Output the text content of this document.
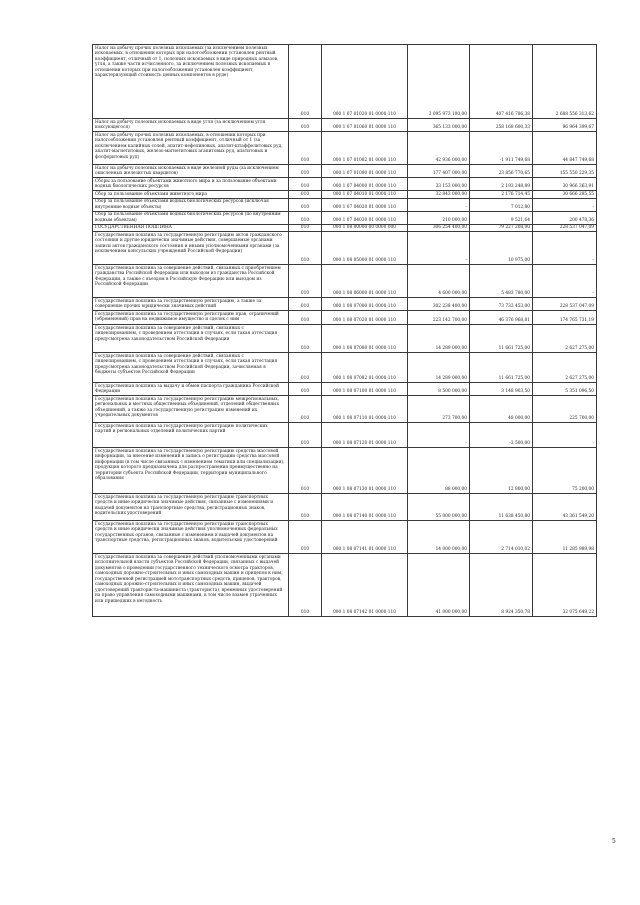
Налог на добычу прочих полезных ископаемых (за исключением полезных ископаемых, в отношении которых при налогообложении установлен рентный коэффициент, отличный от 1, полезных ископаемых в виде природных алмазов, угля, а также части исчисленного, за исключением полезных ископаемых в отношении которых при налогообложении установлен коэффициент, характеризующий стоимость ценных компонентов в руде)	010	000 1 07 01020 01 0000 110	3 095 973 100,00	407 416 786,38	2 688 556 313,62
Налог на добычу полезных ископаемых в виде угля (за исключением угля коксующегося)	010	000 1 07 01060 01 0000 110	365 133 000,00	258 168 600,33	96 964 399,67
Налог на добычу прочих полезных ископаемых, в отношении которых при налогообложении установлен рентный коэффициент, отличный от 1 (за исключением калийных солей, апатит-нефелиновых, апатит-штаффелитовых руд, апатит-магнетитовых, железо-магнетитовых агапитовых руд, апатитовых и фосфоритовых руд)	010	000 1 07 01082 01 0000 110	42 936 000,00	-1 911 749,68	44 847 749,68
Налог на добычу полезных ископаемых в виде железной руды (за исключением окисленных железистых кварцитов)	010	000 1 07 01090 01 0000 110	177 407 000,00	23 856 770,65	155 550 229,35
Сборы за пользование объектами животного мира и за пользование объектами водных биологических ресурсов	010	000 1 07 04000 01 0000 110	33 153 000,00	2 193 248,89	30 966 363,91
Сбор за пользование объектами животного мира	010	000 1 07 04010 01 0000 110	32 843 000,00	2 176 714,45	30 666 285,55
Сбор за пользование объектами водных биологических ресурсов (исключая внутренние водные объекты)	010	000 1 07 04020 01 0000 110	-	7 012,80	-
Сбор за пользование объектами водных биологических ресурсов (по внутренним водным объектам)	010	000 1 07 04030 01 0000 110	210 000,00	9 521,64	200 478,36
ГОСУДАРСТВЕННАЯ ПОШЛИНА	010	000 1 08 00000 00 0000 000	306 254 400,00	79 227 208,00	228 537 047,09
Государственная пошлина за государственную регистрацию актов гражданского состояния и другие юридически значимые действия, совершаемые органами записи актов гражданского состояния и иными уполномоченными органами (за исключением консульских учреждений Российской Федерации)	010	000 1 08 05000 01 0000 110	-	10 975,00	-
Государственная пошлина за совершение действий, связанных с приобретением гражданства Российской Федерации или выходом из гражданства Российской Федерации, а также с въездом в Российскую Федерацию или выездом из Российской Федерации	010	000 1 08 06000 01 0000 110	4 600 000,00	5 483 780,00	-
Государственная пошлина за государственную регистрацию, а также за совершение прочих юридически значимых действий	010	000 1 08 07000 01 0000 110	302 238 400,00	73 732 453,00	228 537 047,09
Государственная пошлина за государственную регистрацию прав, ограничений (обременений) прав на недвижимое имущество и сделок с ним	010	000 1 08 07020 01 0000 110	223 142 700,00	46 376 968,81	174 765 731,19
Государственная пошлина за совершение действий, связанных с лицензированием, с проведением аттестации в случаях, если такая аттестация предусмотрена законодательством Российской Федерации	010	000 1 08 07080 01 0000 110	14 289 000,00	11 661 725,00	2 627 275,00
Государственная пошлина за совершение действий, связанных с лицензированием, с проведением аттестации в случаях, если такая аттестация предусмотрена законодательством Российской Федерации, зачисляемая в бюджеты субъектов Российской Федерации	010	000 1 08 07082 01 0000 110	14 289 000,00	11 661 725,00	2 627 275,00
Государственная пошлина за выдачу и обмен паспорта гражданина Российской Федерации	010	000 1 08 07100 01 0000 110	8 500 000,00	3 148 903,50	5 351 096,50
Государственная пошлина за государственную регистрацию межрегиональных, региональных и местных общественных объединений, отделений общественных объединений, а также за государственную регистрацию изменений их учредительных документов	010	000 1 08 07110 01 0000 110	273 700,00	48 000,00	225 700,00
Государственная пошлина за государственную регистрацию политических партий и региональных отделений политических партий	010	000 1 08 07120 01 0000 110	-	-3 500,00	-
Государственная пошлина за государственную регистрацию средства массовой информации, за внесение изменений в запись о регистрации средства массовой информации (в том числе связанных с изменением тематики или специализации), продукция которого предназначена для распространения преимущественно на территории субъекта Российской Федерации, территории муниципального образования	010	000 1 08 07130 01 0000 110	88 000,00	12 800,00	75 200,00
Государственная пошлина за государственную регистрацию транспортных средств и иные юридически значимые действия, связанные с изменениями и выдачей документов на транспортные средства, регистрационных знаков, водительских удостоверений	010	000 1 08 07140 01 0000 110	55 000 000,00	11 638 450,80	43 361 549,20
Государственная пошлина за государственную регистрацию транспортных средств и иные юридически значимые действия уполномоченных федеральных государственных органов, связанные с изменением и выдачей документов на транспортные средства, регистрационных знаков, водительских удостоверений	010	000 1 08 07141 01 0000 110	14 000 000,00	2 714 010,02	11 285 989,98
Государственная пошлина за совершение действий уполномоченными органами исполнительной власти субъектов Российской Федерации, связанных с выдачей документов о проведении государственного технического осмотра тракторов, самоходных дорожно-строительных и иных самоходных машин и прицепов к ним, государственной регистрацией мототранспортных средств, прицепов, тракторов, самоходных дорожно-строительных и иных самоходных машин, выдачей удостоверений тракториста-машиниста (тракториста), временных удостоверений на право управления самоходными машинами, в том числе взамен утраченных или пришедших в негодность	010	000 1 08 07142 01 0000 110	41 000 000,00	8 924 350,78	32 075 649,22
5
